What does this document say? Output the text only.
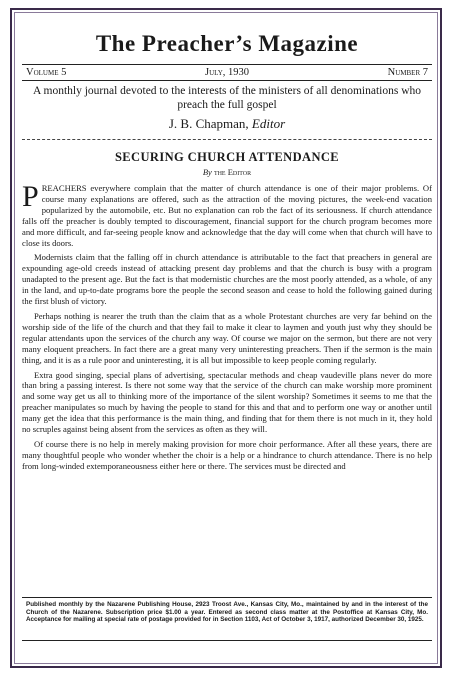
The Preacher’s Magazine
Volume 5	July, 1930	Number 7
A monthly journal devoted to the interests of the ministers of all denominations who preach the full gospel
J. B. Chapman, Editor
SECURING CHURCH ATTENDANCE
By the Editor

PREACHERS everywhere complain that the matter of church attendance is one of their major problems. Of course many explanations are offered, such as the attraction of the moving pictures, the week-end vacation popularized by the automobile, etc. But no explanation can rob the fact of its seriousness. If church attendance falls off the preacher is doubly tempted to discouragement, financial support for the church program becomes more and more difficult, and far-seeing people know and acknowledge that the day will come when that church will have to close its doors.

Modernists claim that the falling off in church attendance is attributable to the fact that preachers in general are expounding age-old creeds instead of attacking present day problems and that the church is busy with a program unadapted to the present age. But the fact is that modernistic churches are the most poorly attended, as a whole, of any in the land, and up-to-date programs bore the people the second season and cease to hold the following gained during the first blush of victory.

Perhaps nothing is nearer the truth than the claim that as a whole Protestant churches are very far behind on the worship side of the life of the church and that they fail to make it clear to laymen and youth just why they should be regular attendants upon the services of the church any way. Of course we major on the sermon, but there are not very many eloquent preachers. In fact there are a great many very uninteresting preachers. Then if the sermon is the main thing, and it is as a rule poor and uninteresting, it is all but impossible to keep people coming regularly.

Extra good singing, special plans of advertising, spectacular methods and cheap vaudeville plans never do more than bring a passing interest. Is there not some way that the service of the church can make worship more prominent and some way get us all to thinking more of the importance of the silent worship? Sometimes it seems to me that the preacher manipulates so much by having the people to stand for this and that and to perform one way or another until many get the idea that this performance is the main thing, and finding that for them there is not much in it, they hold no scruples against being absent from the services as often as they will.

Of course there is no help in merely making provision for more choir performance. After all these years, there are many thoughtful people who wonder whether the choir is a help or a hindrance to church attendance. There is no help from long-winded extemporaneousness either here or there. The services must be directed and

Published monthly by the Nazarene Publishing House, 2923 Troost Ave., Kansas City, Mo., maintained by and in the interest of the Church of the Nazarene. Subscription price $1.00 a year. Entered as second class matter at the Postoffice at Kansas City, Mo. Acceptance for mailing at special rate of postage provided for in Section 1103, Act of October 3, 1917, authorized December 30, 1925.
